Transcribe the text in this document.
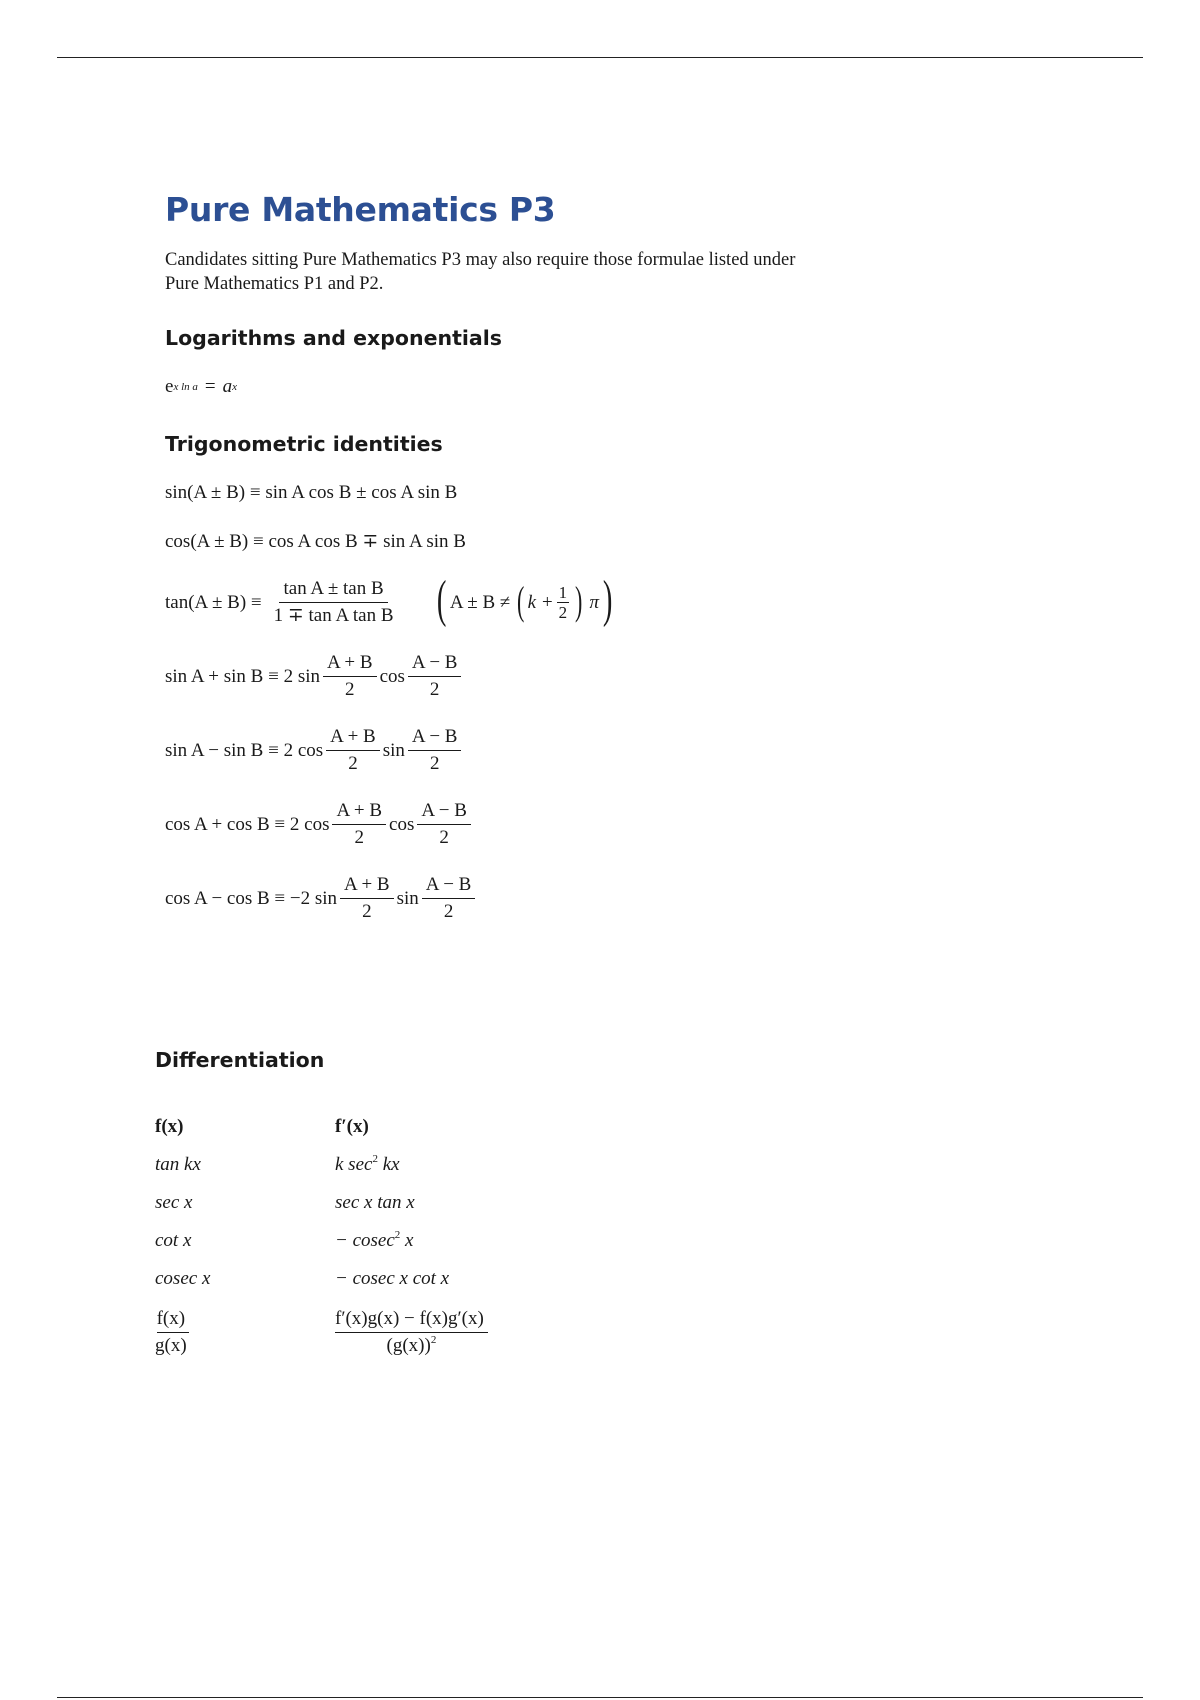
Pure Mathematics P3
Candidates sitting Pure Mathematics P3 may also require those formulae listed under
Pure Mathematics P1 and P2.
Logarithms and exponentials
e x ln a = a x
Trigonometric identities
sin(A ± B) ≡ sin A cos B ± cos A sin B
cos(A ± B) ≡ cos A cos B ∓ sin A sin B
$\tan(A \pm B) \equiv \frac{\text{tan A ± tan B}}{\text{1 ∓ tan A tan B}}$ ( A ± B ≠ ( $k + \frac{1}{2}$ ) π )
sin A + sin B ≡ 2 $\sin \frac{A + B}{2}$ $\cos \frac{A - B}{2}$
sin A − sin B ≡ 2 $\cos \frac{A + B}{2}$ $\sin \frac{A - B}{2}$
cos A + cos B ≡ 2 $\cos \frac{A + B}{2}$ $\cos \frac{A - B}{2}$
cos A − cos B ≡ −2 $\sin \frac{A + B}{2}$ $\sin \frac{A - B}{2}$
Differentiation
f(x)	f′(x)
tan kx	k $\sec^2$ kx
sec x	sec x tan x
cot x	− cosec$^2$ x
cosec x	− cosec x cot x
$\frac{f(x)}{g(x)}$	$\frac{f'(x)g(x) - f(x)g'(x)}{(g(x))^2}$
